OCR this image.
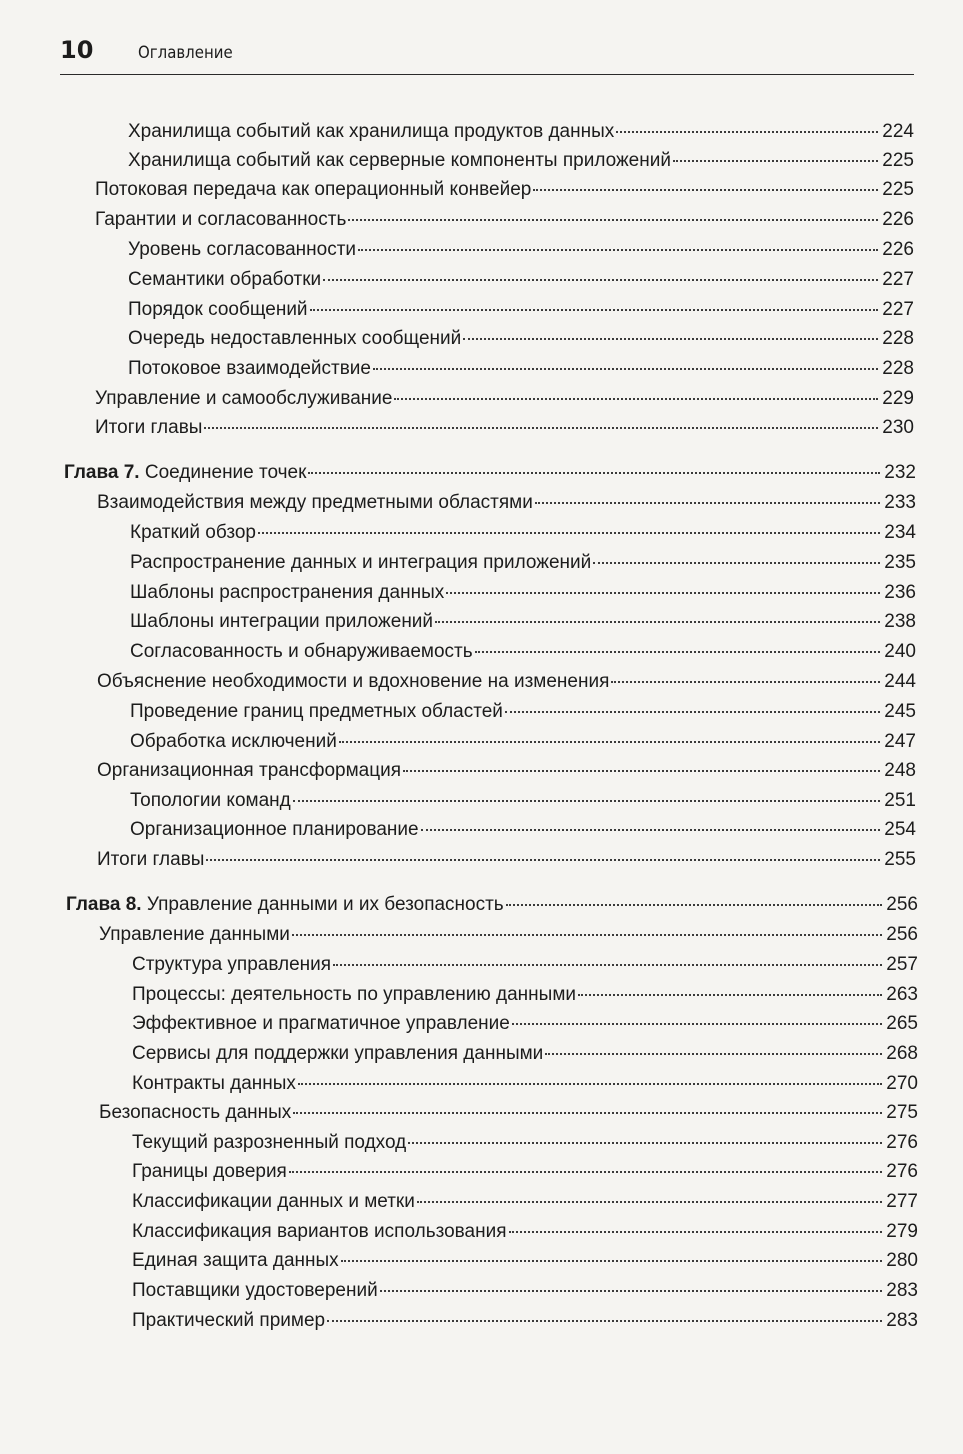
10	Оглавление
Хранилища событий как хранилища продуктов данных	224
Хранилища событий как серверные компоненты приложений	225
Потоковая передача как операционный конвейер	225
Гарантии и согласованность	226
Уровень согласованности	226
Семантики обработки	227
Порядок сообщений	227
Очередь недоставленных сообщений	228
Потоковое взаимодействие	228
Управление и самообслуживание	229
Итоги главы	230
Глава 7. Соединение точек	232
Взаимодействия между предметными областями	233
Краткий обзор	234
Распространение данных и интеграция приложений	235
Шаблоны распространения данных	236
Шаблоны интеграции приложений	238
Согласованность и обнаруживаемость	240
Объяснение необходимости и вдохновение на изменения	244
Проведение границ предметных областей	245
Обработка исключений	247
Организационная трансформация	248
Топологии команд	251
Организационное планирование	254
Итоги главы	255
Глава 8. Управление данными и их безопасность	256
Управление данными	256
Структура управления	257
Процессы: деятельность по управлению данными	263
Эффективное и прагматичное управление	265
Сервисы для поддержки управления данными	268
Контракты данных	270
Безопасность данных	275
Текущий разрозненный подход	276
Границы доверия	276
Классификации данных и метки	277
Классификация вариантов использования	279
Единая защита данных	280
Поставщики удостоверений	283
Практический пример	283
